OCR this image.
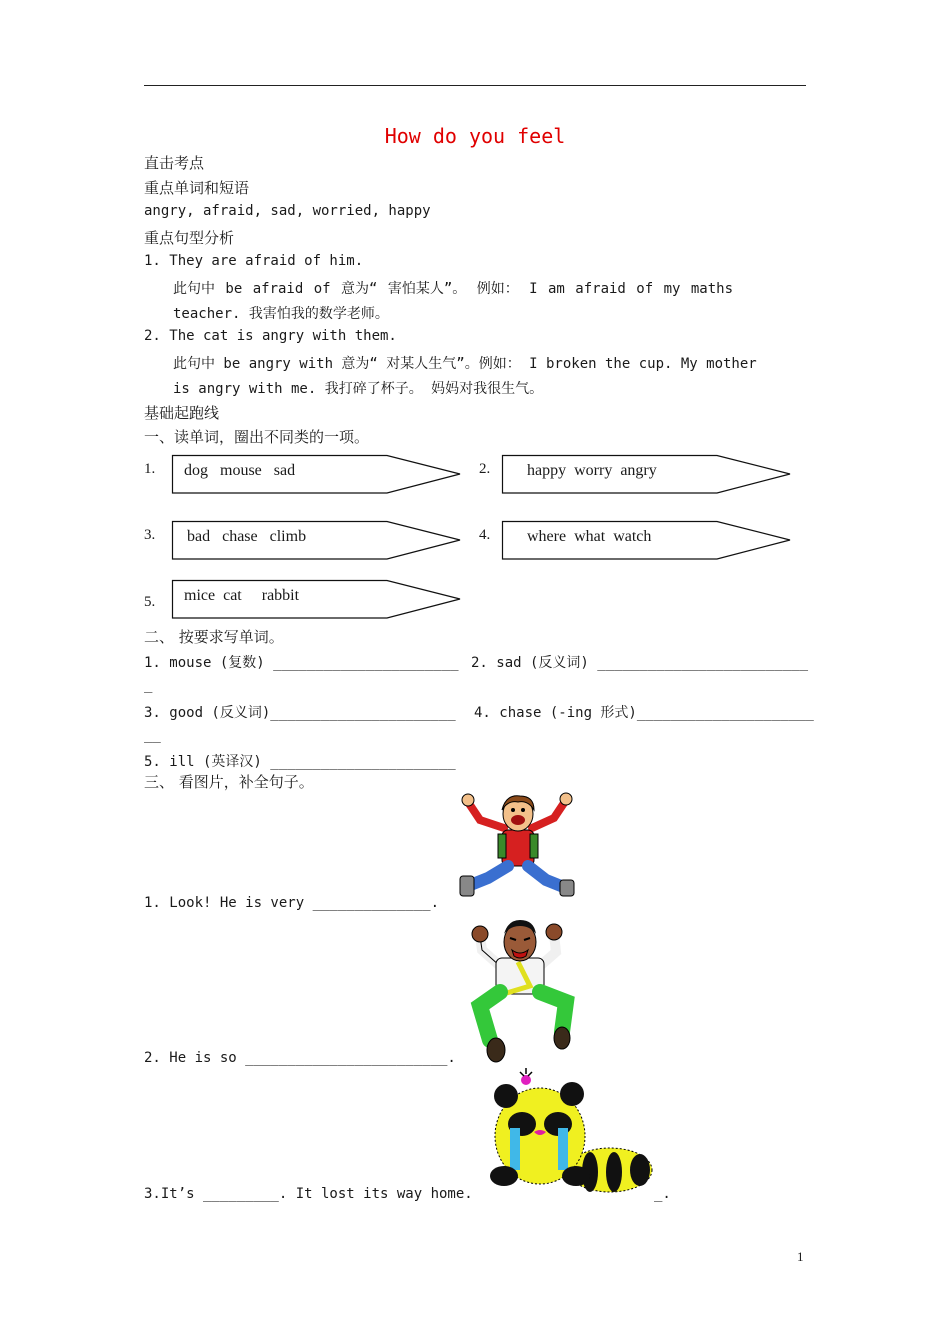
How do you feel
直击考点
重点单词和短语
angry, afraid, sad, worried, happy
重点句型分析
1. They are afraid of him.
此句中 be afraid of 意为“ 害怕某人”。 例如： I am afraid of my maths
teacher. 我害怕我的数学老师。
2. The cat is angry with them.
此句中 be angry with 意为“ 对某人生气”。例如： I broken the cup. My mother
is angry with me. 我打碎了杯子。 妈妈对我很生气。
基础起跑线
一、读单词，圈出不同类的一项。
1. dog   mouse   sad	2. happy  worry  angry
3. bad   chase   climb	4. where  what  watch
5. mice  cat     rabbit
二、 按要求写单词。
1. mouse (复数) ______________________ 2. sad (反义词) _________________________
_
3. good (反义词)______________________ 4. chase (-ing 形式)_____________________
__
5. ill (英译汉) ______________________
三、 看图片，补全句子。
1. Look! He is very ______________.
2. He is so ________________________.
3.It’s _________. It lost its way home.	_.
1
